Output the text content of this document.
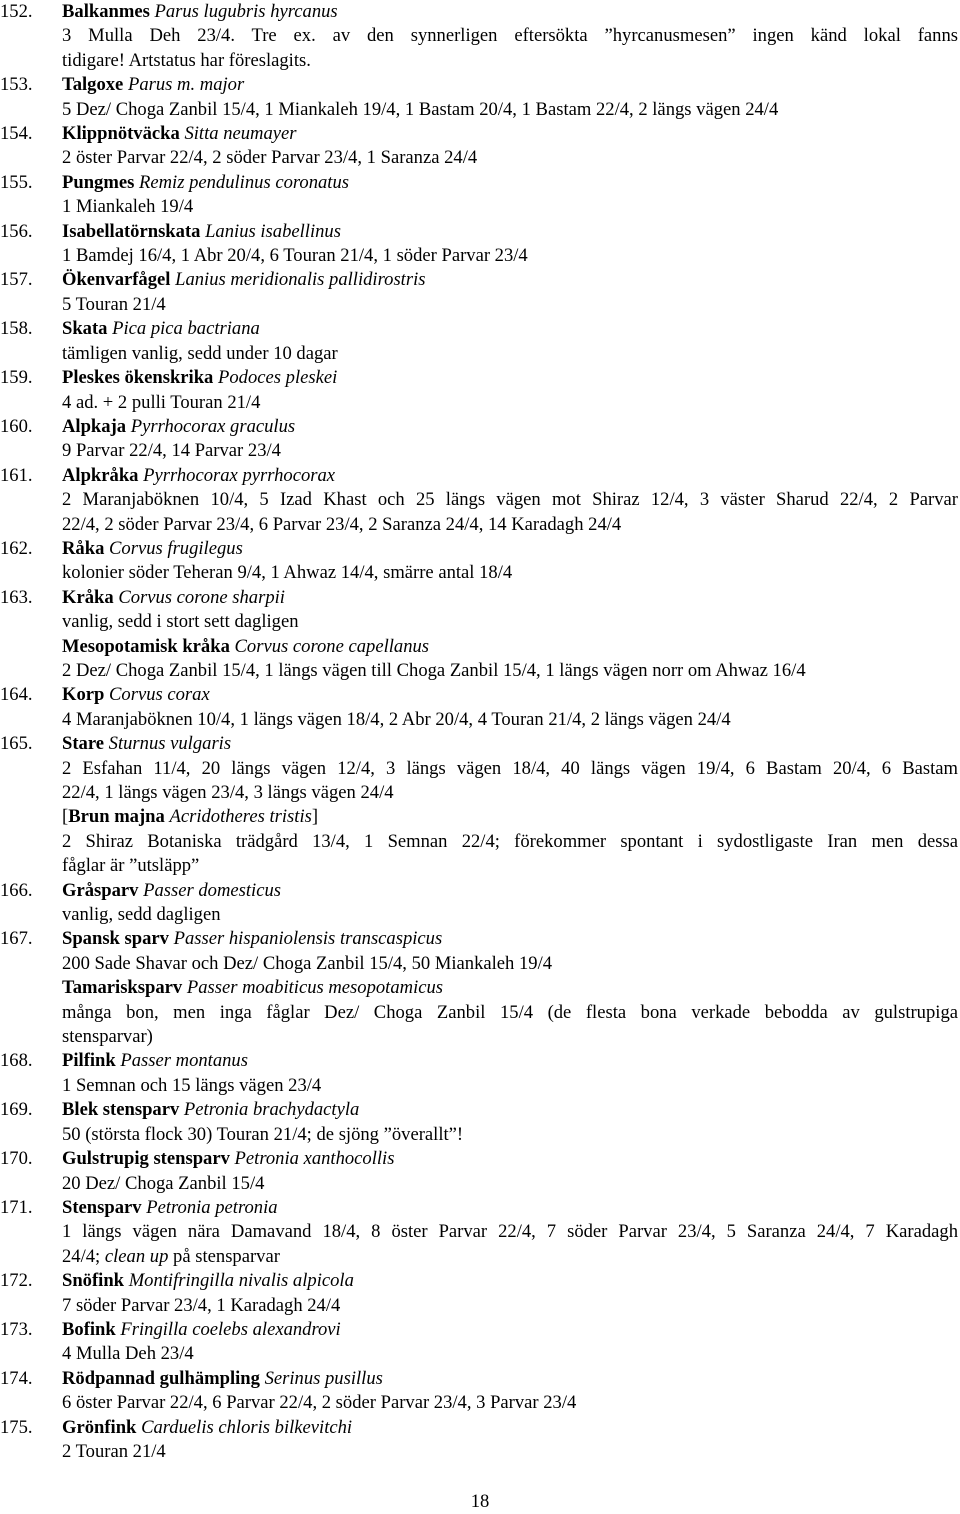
152.	Balkanmes Parus lugubris hyrcanus
3 Mulla Deh 23/4. Tre ex. av den synnerligen eftersökta ”hyrcanusmesen” ingen känd lokal fanns
tidigare! Artstatus har föreslagits.
153.	Talgoxe Parus m. major
5 Dez/ Choga Zanbil 15/4, 1 Miankaleh 19/4, 1 Bastam 20/4, 1 Bastam 22/4, 2 längs vägen 24/4
154.	Klippnötväcka Sitta neumayer
2 öster Parvar 22/4, 2 söder Parvar 23/4, 1 Saranza 24/4
155.	Pungmes Remiz pendulinus coronatus
1 Miankaleh 19/4
156.	Isabellatörnskata Lanius isabellinus
1 Bamdej 16/4, 1 Abr 20/4, 6 Touran 21/4, 1 söder Parvar 23/4
157.	Ökenvarfågel Lanius meridionalis pallidirostris
5 Touran 21/4
158.	Skata Pica pica bactriana
tämligen vanlig, sedd under 10 dagar
159.	Pleskes ökenskrika Podoces pleskei
4 ad. + 2 pulli Touran 21/4
160.	Alpkaja Pyrrhocorax graculus
9 Parvar 22/4, 14 Parvar 23/4
161.	Alpkråka Pyrrhocorax pyrrhocorax
2 Maranjaböknen 10/4, 5 Izad Khast och 25 längs vägen mot Shiraz 12/4, 3 väster Sharud 22/4, 2 Parvar
22/4, 2 söder Parvar 23/4, 6 Parvar 23/4, 2 Saranza 24/4, 14 Karadagh 24/4
162.	Råka Corvus frugilegus
kolonier söder Teheran 9/4, 1 Ahwaz 14/4, smärre antal 18/4
163.	Kråka Corvus corone sharpii
vanlig, sedd i stort sett dagligen
Mesopotamisk kråka Corvus corone capellanus
2 Dez/ Choga Zanbil 15/4, 1 längs vägen till Choga Zanbil 15/4, 1 längs vägen norr om Ahwaz 16/4
164.	Korp Corvus corax
4 Maranjaböknen 10/4, 1 längs vägen 18/4, 2 Abr 20/4, 4 Touran 21/4, 2 längs vägen 24/4
165.	Stare Sturnus vulgaris
2 Esfahan 11/4, 20 längs vägen 12/4, 3 längs vägen 18/4, 40 längs vägen 19/4, 6 Bastam 20/4, 6 Bastam
22/4, 1 längs vägen 23/4, 3 längs vägen 24/4
[Brun majna Acridotheres tristis]
2 Shiraz Botaniska trädgård 13/4, 1 Semnan 22/4; förekommer spontant i sydostligaste Iran men dessa
fåglar är ”utsläpp”
166.	Gråsparv Passer domesticus
vanlig, sedd dagligen
167.	Spansk sparv Passer hispaniolensis transcaspicus
200 Sade Shavar och Dez/ Choga Zanbil 15/4, 50 Miankaleh 19/4
Tamarisksparv Passer moabiticus mesopotamicus
många bon, men inga fåglar Dez/ Choga Zanbil 15/4 (de flesta bona verkade bebodda av gulstrupiga
stensparvar)
168.	Pilfink Passer montanus
1 Semnan och 15 längs vägen 23/4
169.	Blek stensparv Petronia brachydactyla
50 (största flock 30) Touran 21/4; de sjöng ”överallt”!
170.	Gulstrupig stensparv Petronia xanthocollis
20 Dez/ Choga Zanbil 15/4
171.	Stensparv Petronia petronia
1 längs vägen nära Damavand 18/4, 8 öster Parvar 22/4, 7 söder Parvar 23/4, 5 Saranza 24/4, 7 Karadagh
24/4; clean up på stensparvar
172.	Snöfink Montifringilla nivalis alpicola
7 söder Parvar 23/4, 1 Karadagh 24/4
173.	Bofink Fringilla coelebs alexandrovi
4 Mulla Deh 23/4
174.	Rödpannad gulhämpling Serinus pusillus
6 öster Parvar 22/4, 6 Parvar 22/4, 2 söder Parvar 23/4, 3 Parvar 23/4
175.	Grönfink Carduelis chloris bilkevitchi
2 Touran 21/4
18
